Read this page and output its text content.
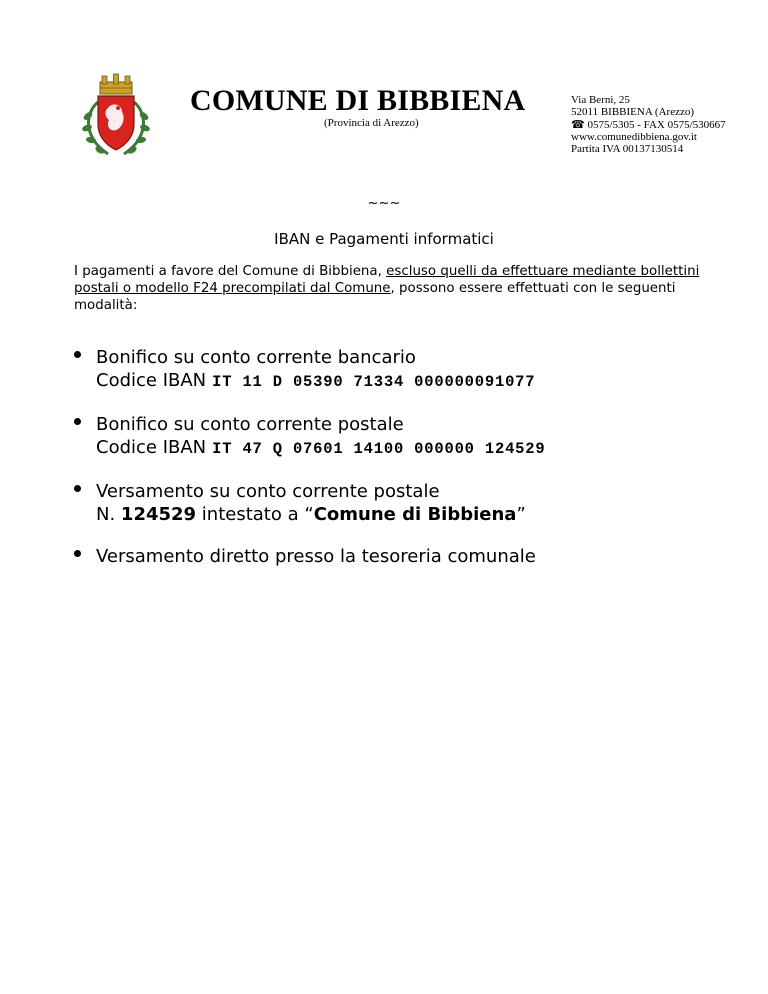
COMUNE DI BIBBIENA
(Provincia di Arezzo)
Via Berni, 25
52011 BIBBIENA (Arezzo)
☎ 0575/5305 - FAX 0575/530667
www.comunedibbiena.gov.it
Partita IVA 00137130514
~~~
IBAN e Pagamenti informatici
I pagamenti a favore del Comune di Bibbiena, escluso quelli da effettuare mediante bollettini postali o modello F24 precompilati dal Comune, possono essere effettuati con le seguenti modalità:
Bonifico su conto corrente bancario
Codice IBAN IT 11 D 05390 71334 000000091077
Bonifico su conto corrente postale
Codice IBAN IT 47 Q 07601 14100 000000 124529
Versamento su conto corrente postale
N. 124529 intestato a “Comune di Bibbiena”
Versamento diretto presso la tesoreria comunale
